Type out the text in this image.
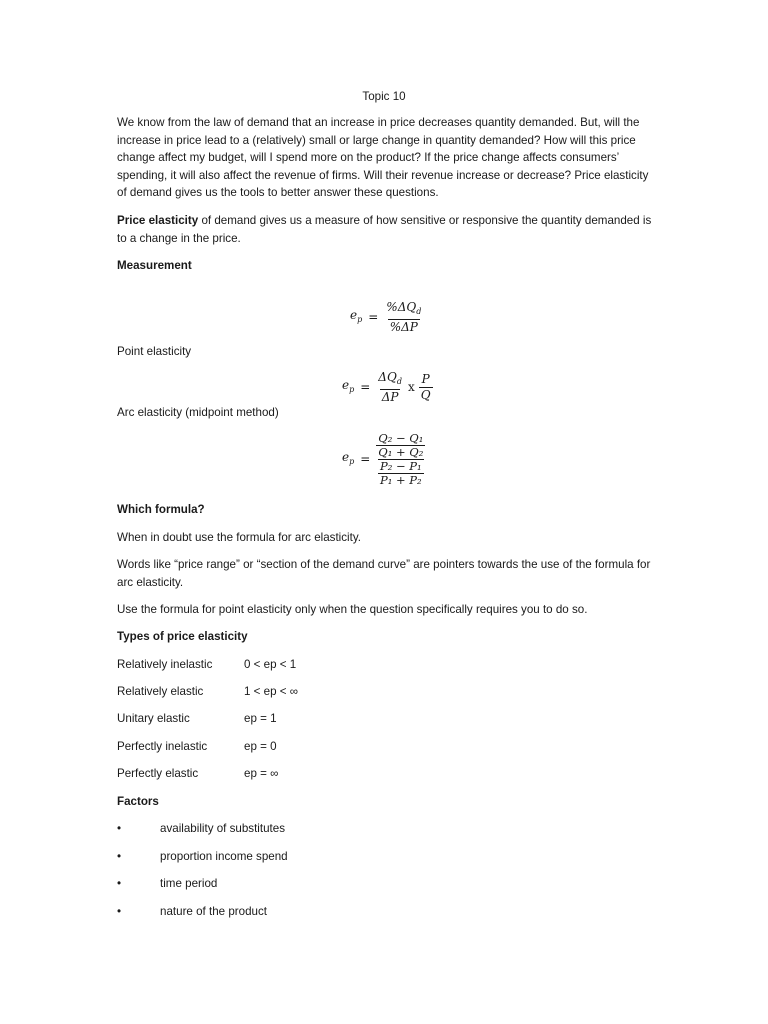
Topic 10
We know from the law of demand that an increase in price decreases quantity demanded. But, will the increase in price lead to a (relatively) small or large change in quantity demanded? How will this price change affect my budget, will I spend more on the product? If the price change affects consumers’ spending, it will also affect the revenue of firms. Will their revenue increase or decrease? Price elasticity of demand gives us the tools to better answer these questions.
Price elasticity of demand gives us a measure of how sensitive or responsive the quantity demanded is to a change in the price.
Measurement
$e_p = \frac{\%\Delta Q_d}{\%\Delta P}$
Point elasticity
$e_p = \frac{\Delta Q_d}{\Delta P}$ x $\frac{P}{Q}$
Arc elasticity (midpoint method)
$e_p = \frac{\frac{\text{Q₂ − Q₁}}{\text{Q₁ + Q₂}}}{\frac{\text{P₂ − P₁}}{\text{P₁ + P₂}}}$
Which formula?
When in doubt use the formula for arc elasticity.
Words like “price range” or “section of the demand curve” are pointers towards the use of the formula for arc elasticity.
Use the formula for point elasticity only when the question specifically requires you to do so.
Types of price elasticity
Relatively inelastic	0 < ep < 1
Relatively elastic	1 < ep < ∞
Unitary elastic	ep = 1
Perfectly inelastic	ep = 0
Perfectly elastic	ep = ∞
Factors
•	availability of substitutes
•	proportion income spend
•	time period
•	nature of the product
